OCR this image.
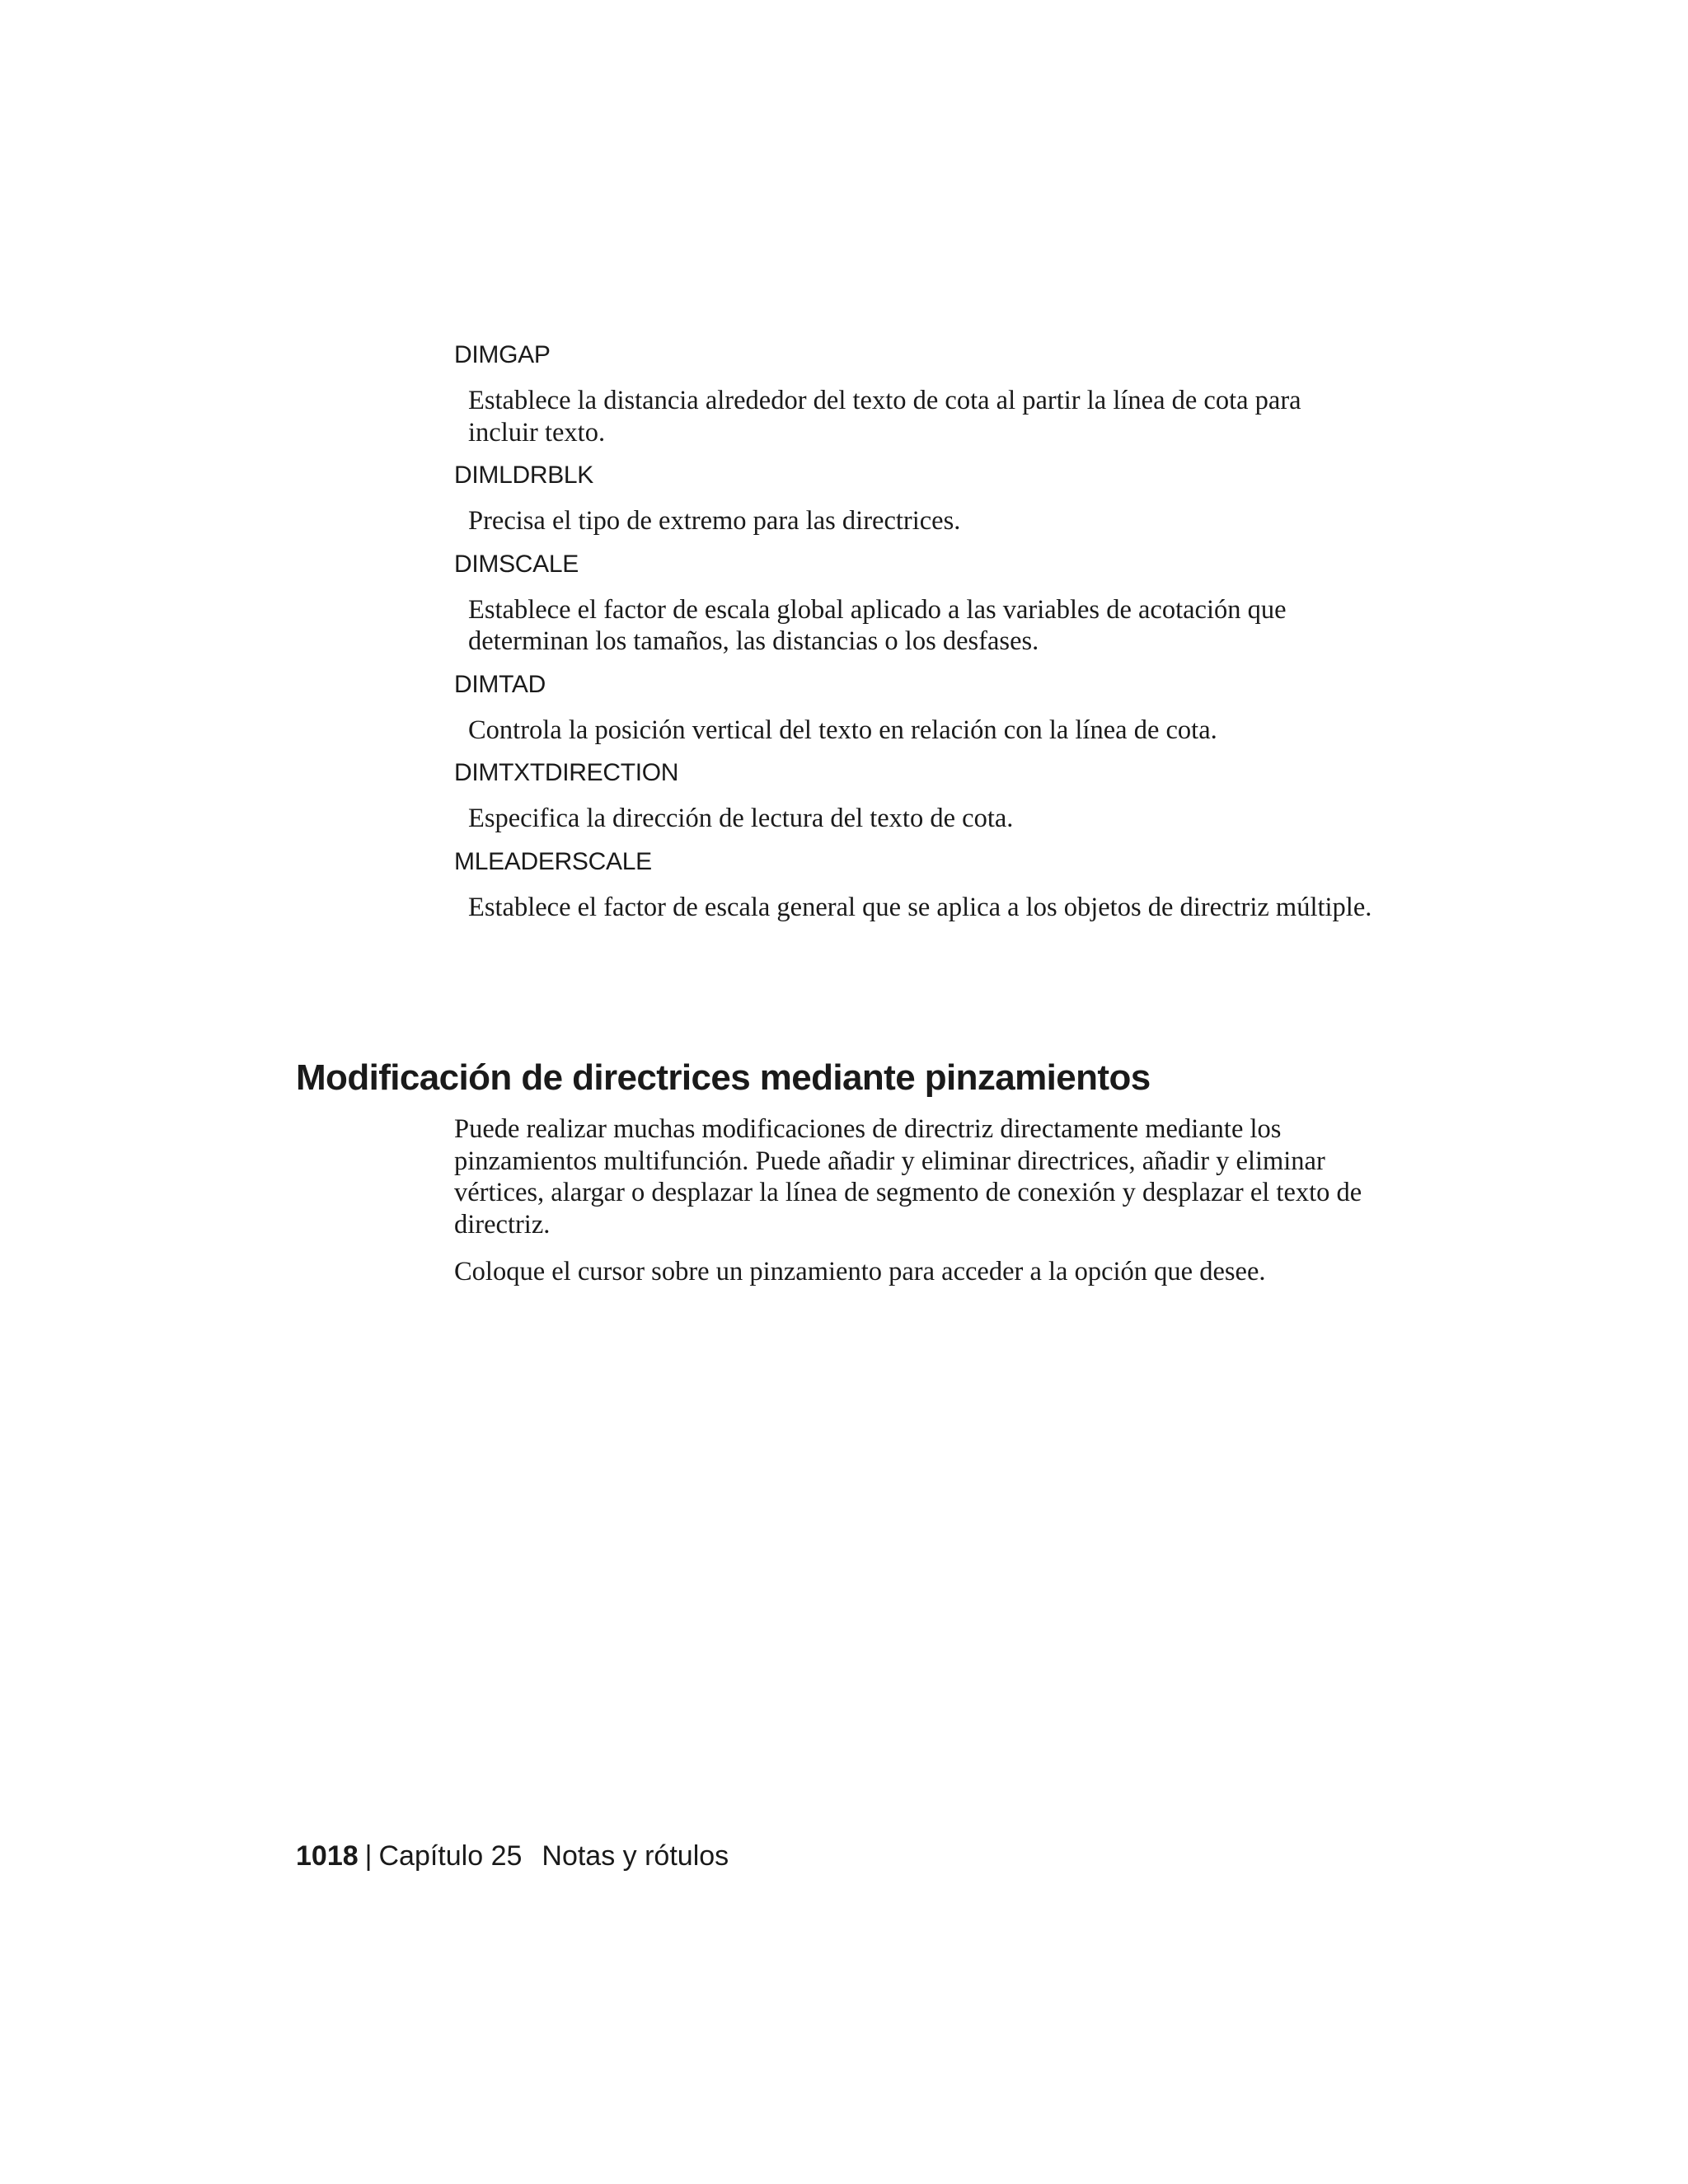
DIMGAP

Establece la distancia alrededor del texto de cota al partir la línea de cota para incluir texto.

DIMLDRBLK

Precisa el tipo de extremo para las directrices.

DIMSCALE

Establece el factor de escala global aplicado a las variables de acotación que determinan los tamaños, las distancias o los desfases.

DIMTAD

Controla la posición vertical del texto en relación con la línea de cota.

DIMTXTDIRECTION

Especifica la dirección de lectura del texto de cota.

MLEADERSCALE

Establece el factor de escala general que se aplica a los objetos de directriz múltiple.

Modificación de directrices mediante pinzamientos

Puede realizar muchas modificaciones de directriz directamente mediante los pinzamientos multifunción. Puede añadir y eliminar directrices, añadir y eliminar vértices, alargar o desplazar la línea de segmento de conexión y desplazar el texto de directriz.

Coloque el cursor sobre un pinzamiento para acceder a la opción que desee.

1018 | Capítulo 25 Notas y rótulos
